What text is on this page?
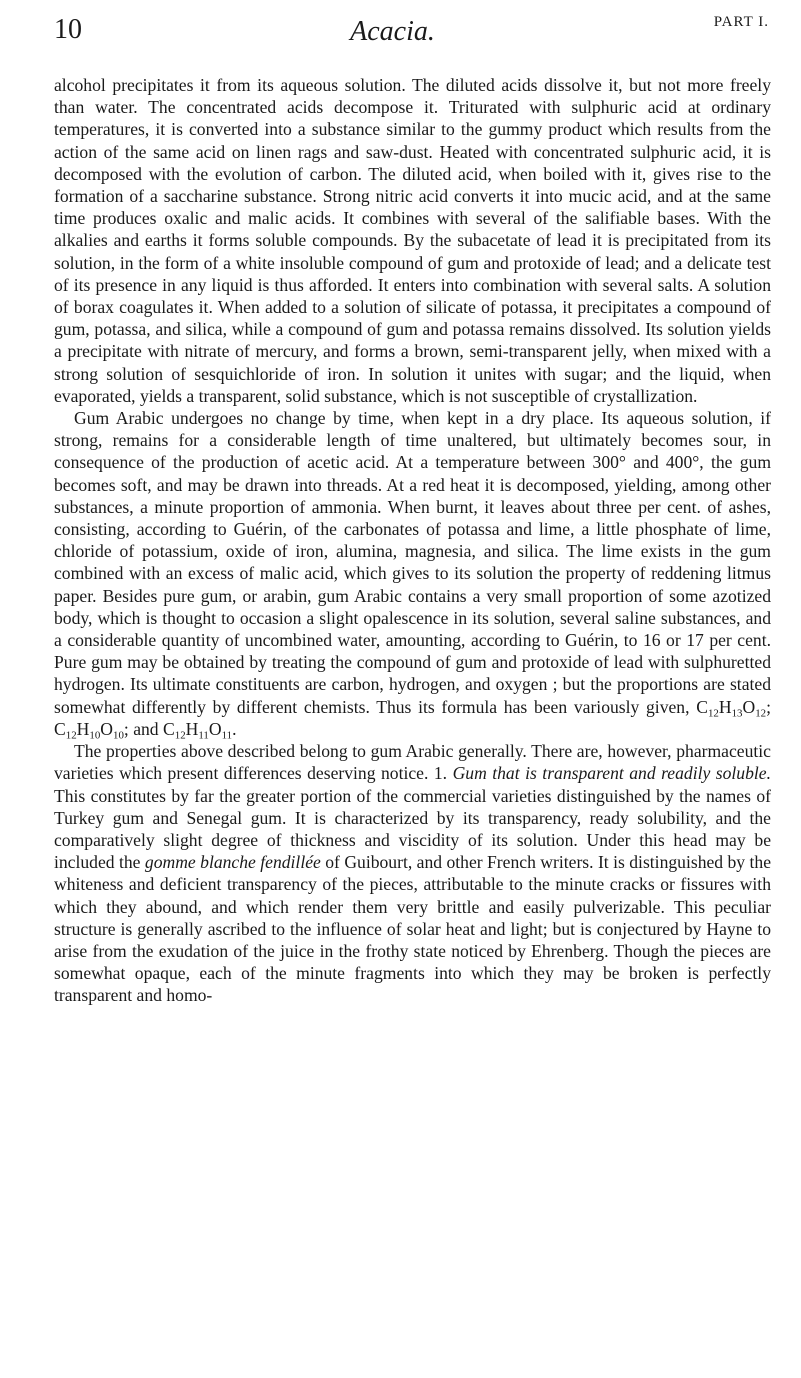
10	Acacia.	PART I.

alcohol precipitates it from its aqueous solution. The diluted acids dissolve it, but not more freely than water. The concentrated acids decompose it. Triturated with sulphuric acid at ordinary temperatures, it is converted into a substance similar to the gummy product which results from the action of the same acid on linen rags and saw-dust. Heated with concentrated sulphuric acid, it is decomposed with the evolution of carbon. The diluted acid, when boiled with it, gives rise to the formation of a saccharine substance. Strong nitric acid converts it into mucic acid, and at the same time produces oxalic and malic acids. It combines with several of the salifiable bases. With the alkalies and earths it forms soluble compounds. By the subacetate of lead it is precipitated from its solution, in the form of a white insoluble compound of gum and protoxide of lead; and a delicate test of its presence in any liquid is thus afforded. It enters into combination with several salts. A solution of borax coagulates it. When added to a solution of silicate of potassa, it precipitates a compound of gum, potassa, and silica, while a compound of gum and potassa remains dissolved. Its solution yields a precipitate with nitrate of mercury, and forms a brown, semi-transparent jelly, when mixed with a strong solution of sesquichloride of iron. In solution it unites with sugar; and the liquid, when evaporated, yields a transparent, solid substance, which is not susceptible of crystallization.

Gum Arabic undergoes no change by time, when kept in a dry place. Its aqueous solution, if strong, remains for a considerable length of time unaltered, but ultimately becomes sour, in consequence of the production of acetic acid. At a temperature between 300° and 400°, the gum becomes soft, and may be drawn into threads. At a red heat it is decomposed, yielding, among other substances, a minute proportion of ammonia. When burnt, it leaves about three per cent. of ashes, consisting, according to Guérin, of the carbonates of potassa and lime, a little phosphate of lime, chloride of potassium, oxide of iron, alumina, magnesia, and silica. The lime exists in the gum combined with an excess of malic acid, which gives to its solution the property of reddening litmus paper. Besides pure gum, or arabin, gum Arabic contains a very small proportion of some azotized body, which is thought to occasion a slight opalescence in its solution, several saline substances, and a considerable quantity of uncombined water, amounting, according to Guérin, to 16 or 17 per cent. Pure gum may be obtained by treating the compound of gum and protoxide of lead with sulphuretted hydrogen. Its ultimate constituents are carbon, hydrogen, and oxygen ; but the proportions are stated somewhat differently by different chemists. Thus its formula has been variously given, $C_{12}H_{13}O_{12}$; $C_{12}H_{10}O_{10}$; and $C_{12}H_{11}O_{11}$.

The properties above described belong to gum Arabic generally. There are, however, pharmaceutic varieties which present differences deserving notice. 1. Gum that is transparent and readily soluble. This constitutes by far the greater portion of the commercial varieties distinguished by the names of Turkey gum and Senegal gum. It is characterized by its transparency, ready solubility, and the comparatively slight degree of thickness and viscidity of its solution. Under this head may be included the gomme blanche fendillée of Guibourt, and other French writers. It is distinguished by the whiteness and deficient transparency of the pieces, attributable to the minute cracks or fissures with which they abound, and which render them very brittle and easily pulverizable. This peculiar structure is generally ascribed to the influence of solar heat and light; but is conjectured by Hayne to arise from the exudation of the juice in the frothy state noticed by Ehrenberg. Though the pieces are somewhat opaque, each of the minute fragments into which they may be broken is perfectly transparent and homo-
